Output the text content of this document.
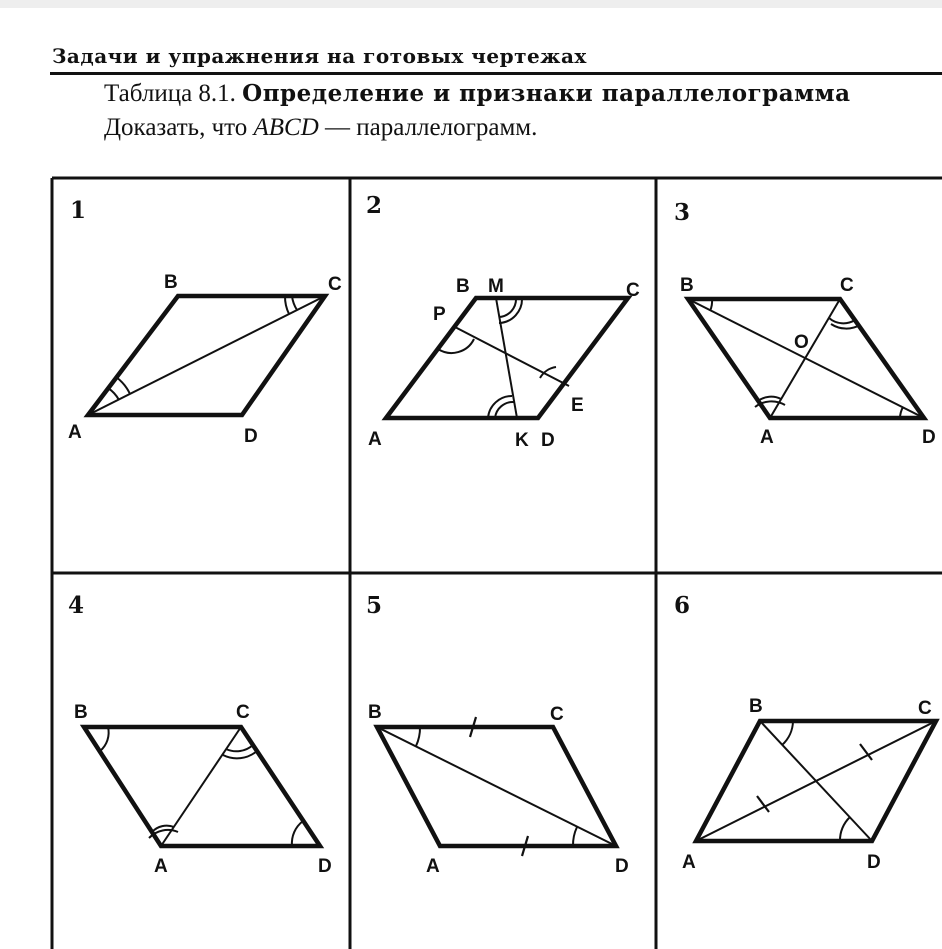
Задачи и упражнения на готовых чертежах
Таблица 8.1. Определение и признаки параллелограмма
Доказать, что ABCD — параллелограмм.
1
B	C
A	D
2
B M	C
P
E
A	K D
3
B	C
O
A	D
4
B	C
A	D
5
B	C
A	D
6
B	C
A	D
